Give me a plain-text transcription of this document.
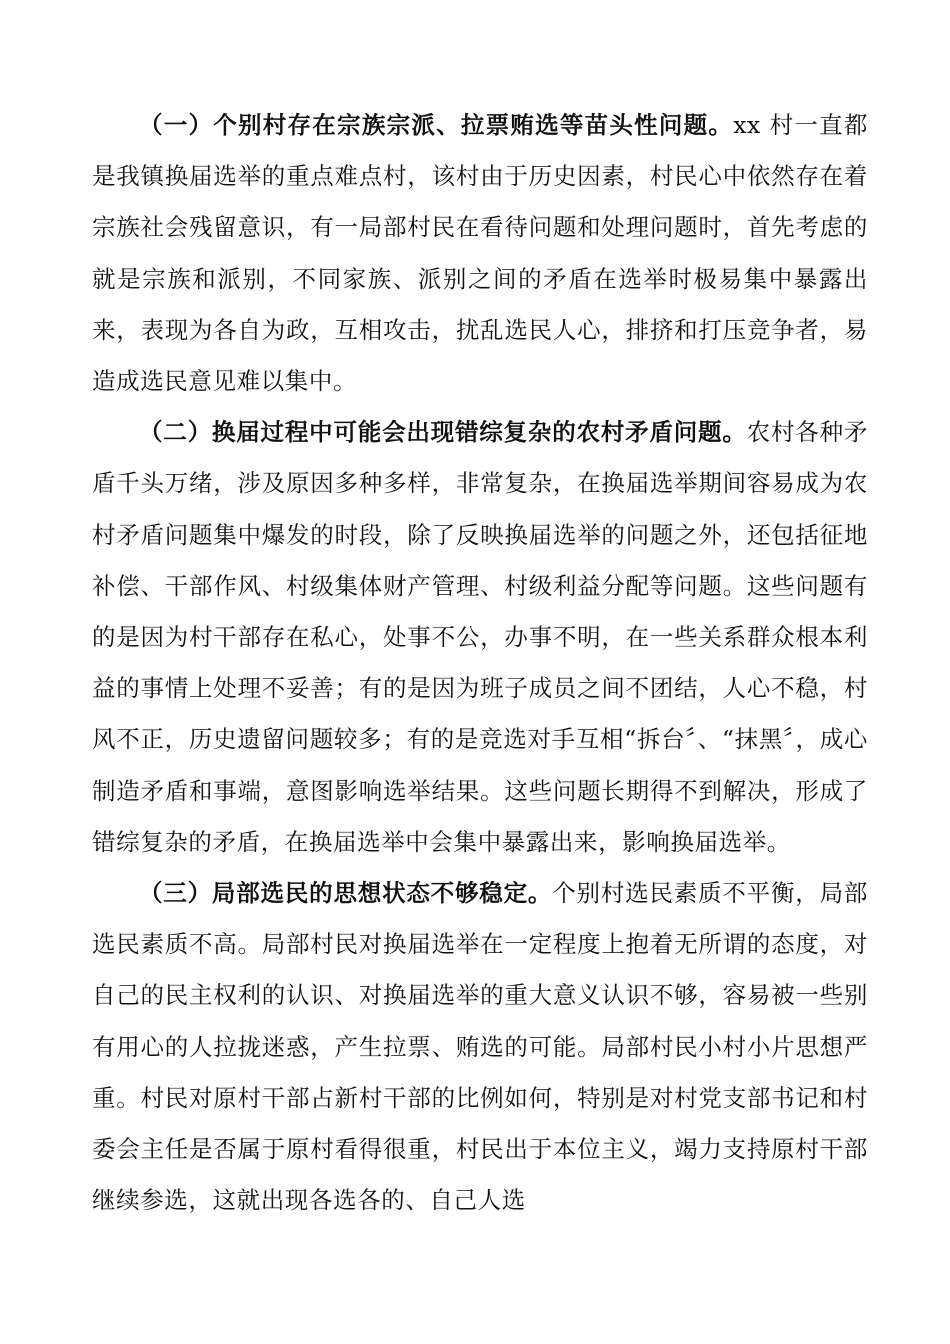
（一）个别村存在宗族宗派、拉票贿选等苗头性问题。xx 村一直都是我镇换届选举的重点难点村，该村由于历史因素，村民心中依然存在着宗族社会残留意识，有一局部村民在看待问题和处理问题时，首先考虑的就是宗族和派别，不同家族、派别之间的矛盾在选举时极易集中暴露出来，表现为各自为政，互相攻击，扰乱选民人心，排挤和打压竞争者，易造成选民意见难以集中。

（二）换届过程中可能会出现错综复杂的农村矛盾问题。农村各种矛盾千头万绪，涉及原因多种多样，非常复杂，在换届选举期间容易成为农村矛盾问题集中爆发的时段，除了反映换届选举的问题之外，还包括征地补偿、干部作风、村级集体财产管理、村级利益分配等问题。这些问题有的是因为村干部存在私心，处事不公，办事不明，在一些关系群众根本利益的事情上处理不妥善；有的是因为班子成员之间不团结，人心不稳，村风不正，历史遗留问题较多；有的是竞选对手互相“拆台〞、“抹黑〞，成心制造矛盾和事端，意图影响选举结果。这些问题长期得不到解决，形成了错综复杂的矛盾，在换届选举中会集中暴露出来，影响换届选举。

（三）局部选民的思想状态不够稳定。个别村选民素质不平衡，局部选民素质不高。局部村民对换届选举在一定程度上抱着无所谓的态度，对自己的民主权利的认识、对换届选举的重大意义认识不够，容易被一些别有用心的人拉拢迷惑，产生拉票、贿选的可能。局部村民小村小片思想严重。村民对原村干部占新村干部的比例如何，特别是对村党支部书记和村委会主任是否属于原村看得很重，村民出于本位主义，竭力支持原村干部继续参选，这就出现各选各的、自己人选
